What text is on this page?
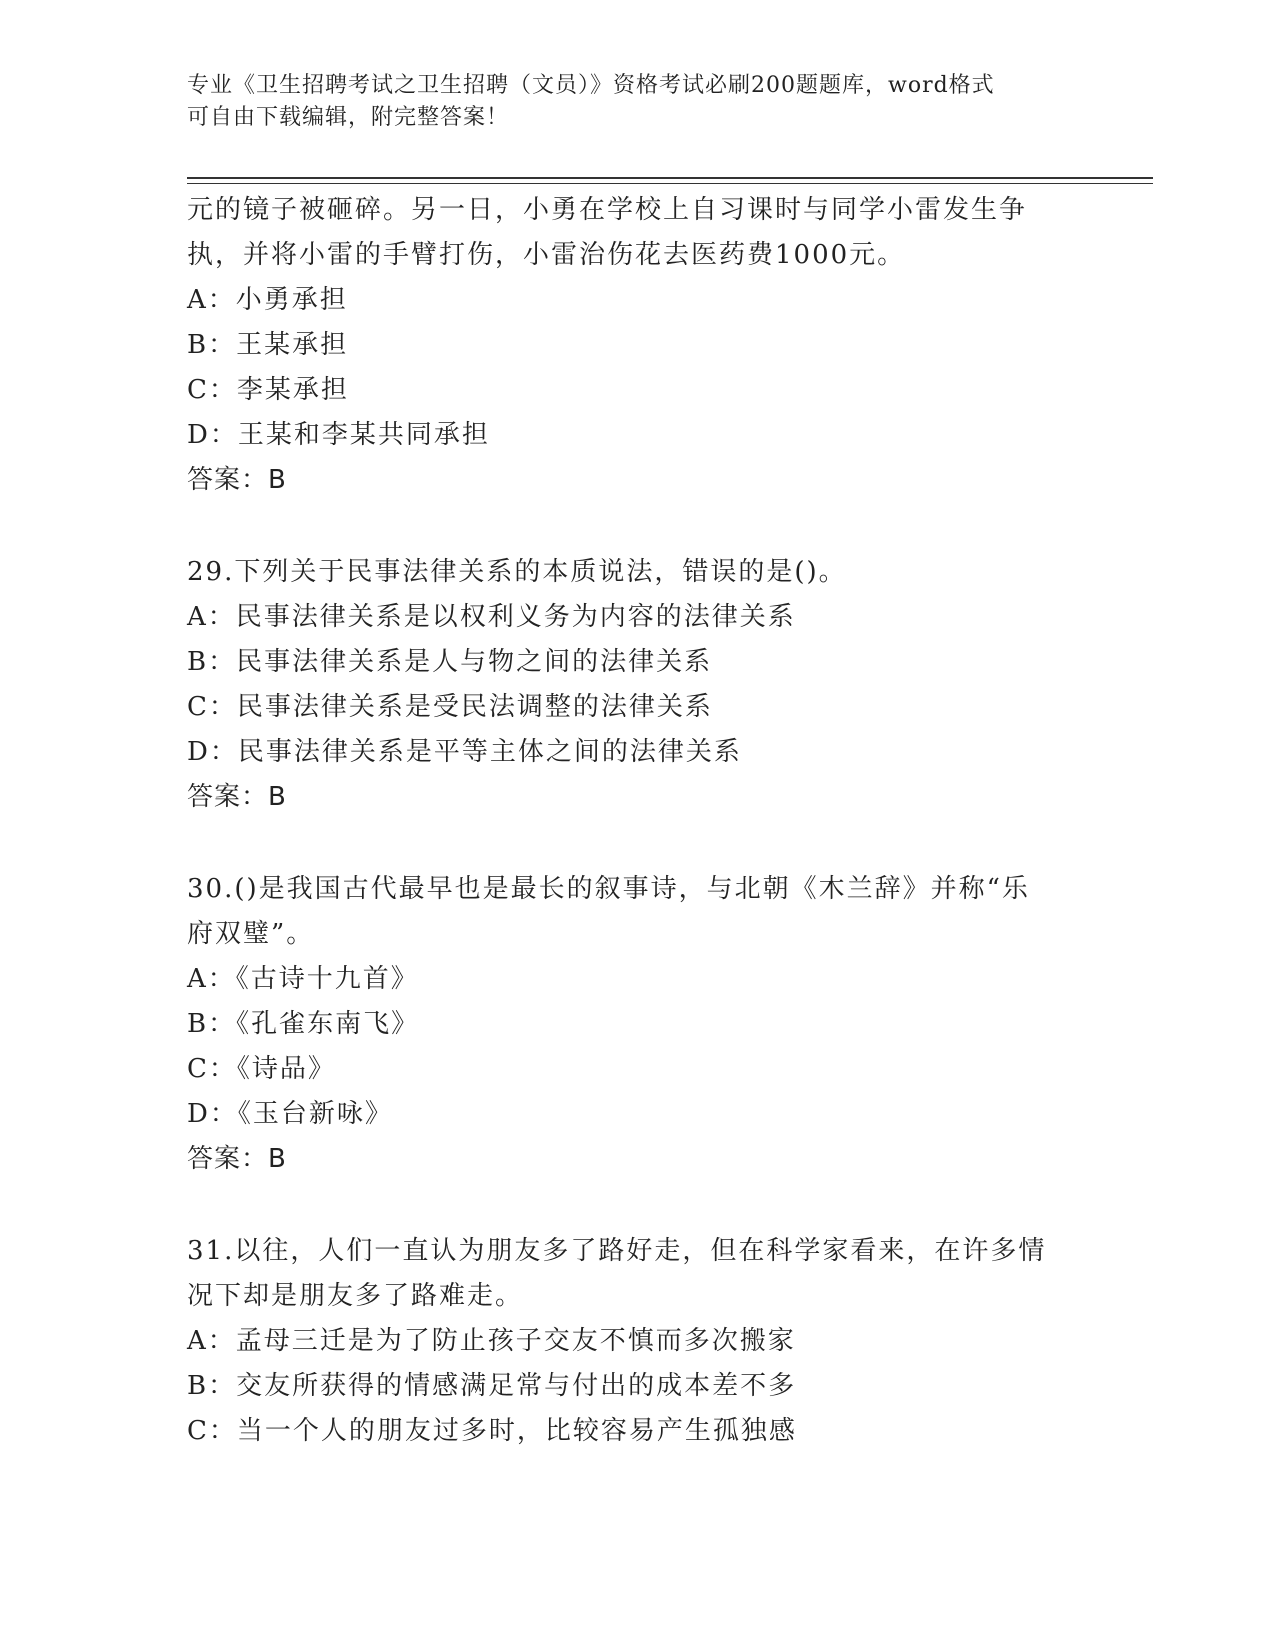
专业《卫生招聘考试之卫生招聘（文员）》资格考试必刷200题题库，word格式
可自由下载编辑，附完整答案！
元的镜子被砸碎。另一日，小勇在学校上自习课时与同学小雷发生争
执，并将小雷的手臂打伤，小雷治伤花去医药费1000元。
A：小勇承担
B：王某承担
C：李某承担
D：王某和李某共同承担
答案：B
29.下列关于民事法律关系的本质说法，错误的是()。
A：民事法律关系是以权利义务为内容的法律关系
B：民事法律关系是人与物之间的法律关系
C：民事法律关系是受民法调整的法律关系
D：民事法律关系是平等主体之间的法律关系
答案：B
30.()是我国古代最早也是最长的叙事诗，与北朝《木兰辞》并称“乐
府双璧”。
A：《古诗十九首》
B：《孔雀东南飞》
C：《诗品》
D：《玉台新咏》
答案：B
31.以往，人们一直认为朋友多了路好走，但在科学家看来，在许多情
况下却是朋友多了路难走。
A：孟母三迁是为了防止孩子交友不慎而多次搬家
B：交友所获得的情感满足常与付出的成本差不多
C：当一个人的朋友过多时，比较容易产生孤独感
